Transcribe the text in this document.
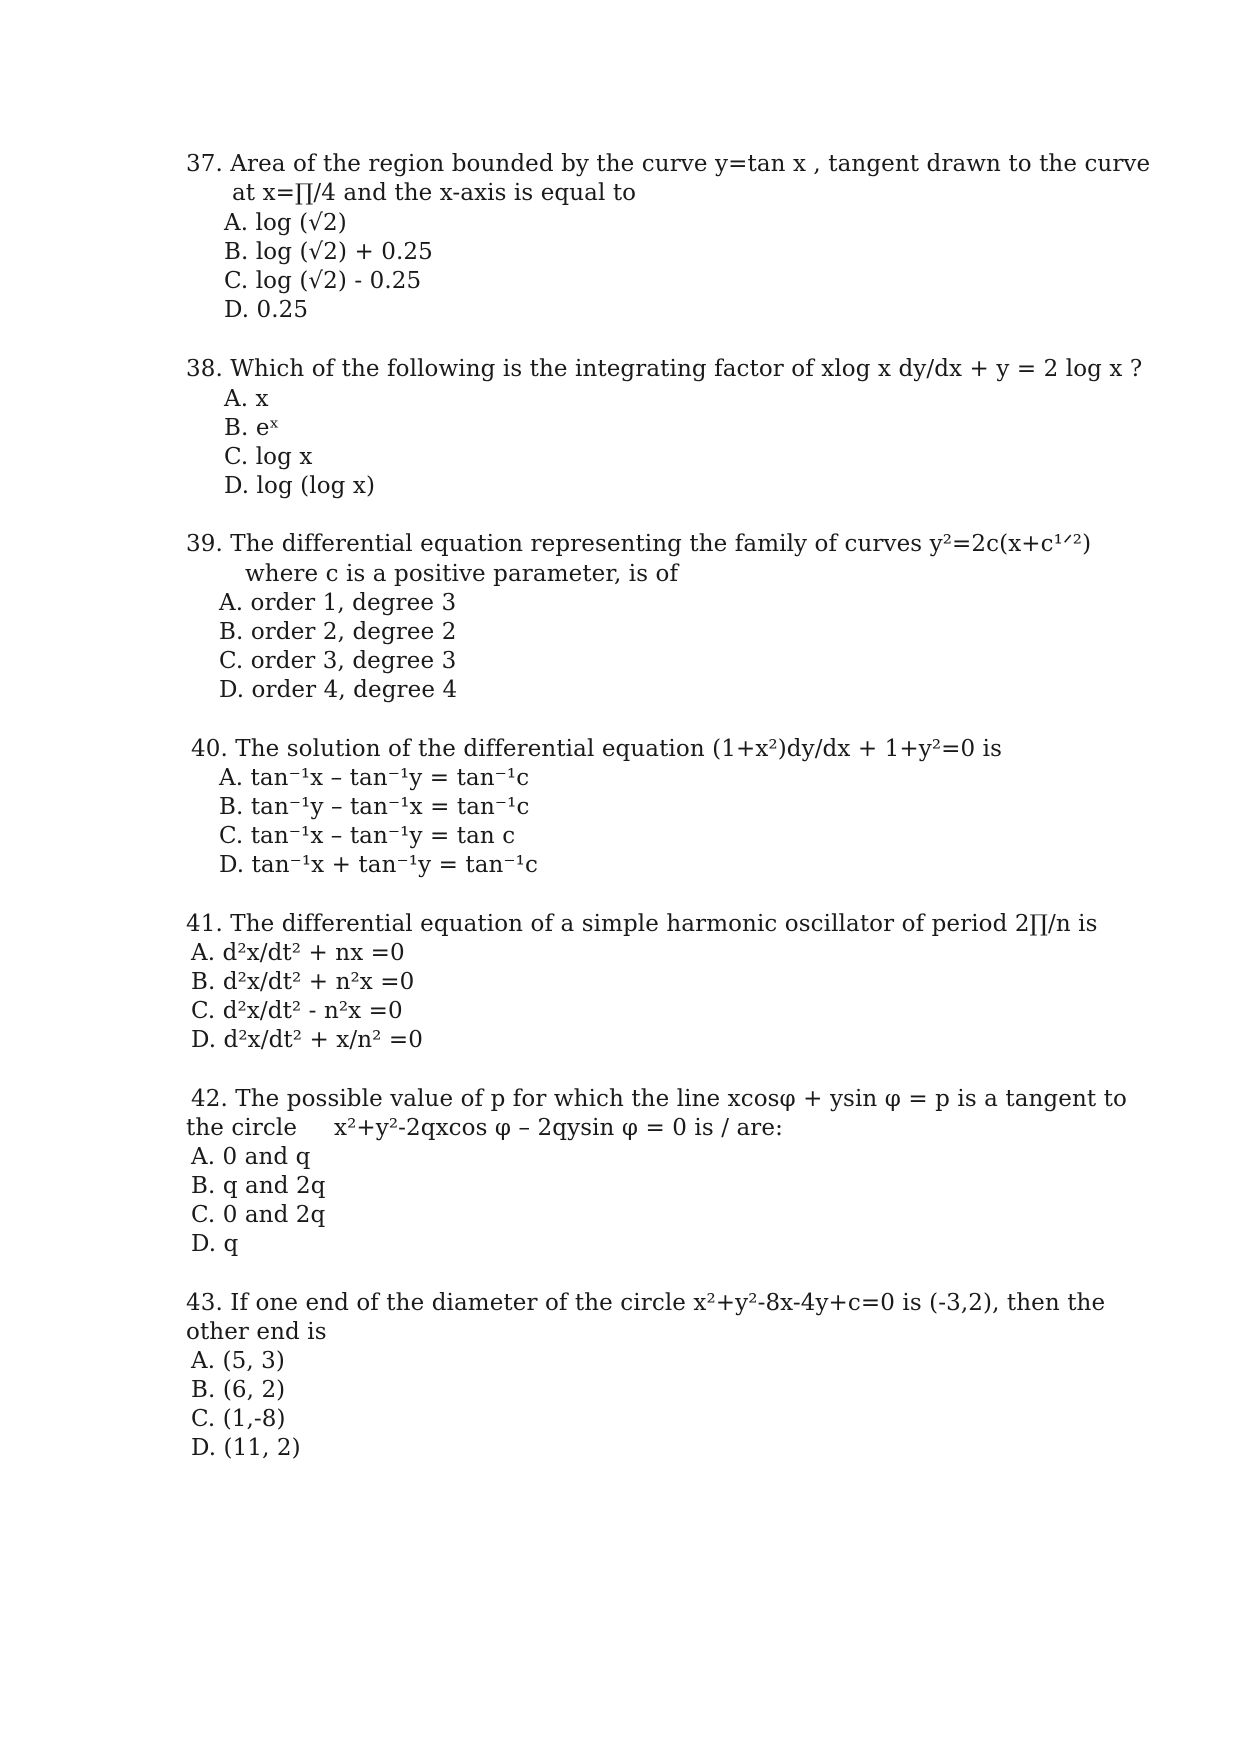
37. Area of the region bounded by the curve y=tan x , tangent drawn to the curve
at x=∏/4 and the x-axis is equal to
A. log (√2)
B. log (√2) + 0.25
C. log (√2) - 0.25
D. 0.25
38. Which of the following is the integrating factor of xlog x dy/dx + y = 2 log x ?
A. x
B. eˣ
C. log x
D. log (log x)
39. The differential equation representing the family of curves y²=2c(x+c¹ᐟ²)
where c is a positive parameter, is of
A. order 1, degree 3
B. order 2, degree 2
C. order 3, degree 3
D. order 4, degree 4
40. The solution of the differential equation (1+x²)dy/dx + 1+y²=0 is
A. tan⁻¹x – tan⁻¹y = tan⁻¹c
B. tan⁻¹y – tan⁻¹x = tan⁻¹c
C. tan⁻¹x – tan⁻¹y = tan c
D. tan⁻¹x + tan⁻¹y = tan⁻¹c
41. The differential equation of a simple harmonic oscillator of period 2∏/n is
A. d²x/dt² + nx =0
B. d²x/dt² + n²x =0
C. d²x/dt² - n²x =0
D. d²x/dt² + x/n² =0
42. The possible value of p for which the line xcosφ + ysin φ = p is a tangent to
the circle x²+y²-2qxcos φ – 2qysin φ = 0 is / are:
A. 0 and q
B. q and 2q
C. 0 and 2q
D. q
43. If one end of the diameter of the circle x²+y²-8x-4y+c=0 is (-3,2), then the
other end is
A. (5, 3)
B. (6, 2)
C. (1,-8)
D. (11, 2)
